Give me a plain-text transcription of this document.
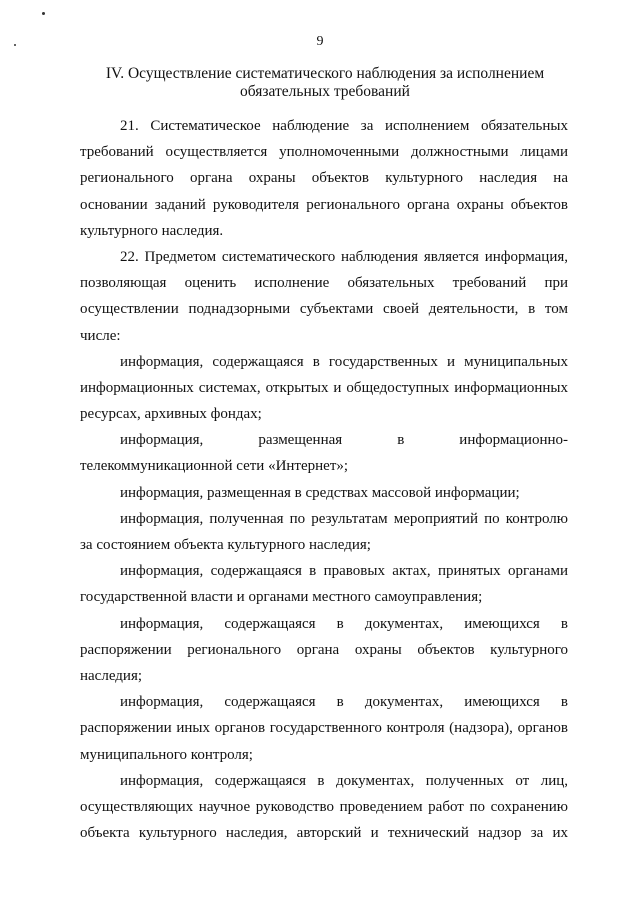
9
IV. Осуществление систематического наблюдения за исполнением
обязательных требований
21. Систематическое наблюдение за исполнением обязательных
требований осуществляется уполномоченными должностными лицами
регионального органа охраны объектов культурного наследия на
основании заданий руководителя регионального органа охраны объектов
культурного наследия.
22. Предметом систематического наблюдения является информация,
позволяющая оценить исполнение обязательных требований при
осуществлении поднадзорными субъектами своей деятельности, в том
числе:
информация, содержащаяся в государственных и муниципальных
информационных системах, открытых и общедоступных информационных
ресурсах, архивных фондах;
информация, размещенная в информационно-
телекоммуникационной сети «Интернет»;
информация, размещенная в средствах массовой информации;
информация, полученная по результатам мероприятий по контролю
за состоянием объекта культурного наследия;
информация, содержащаяся в правовых актах, принятых органами
государственной власти и органами местного самоуправления;
информация, содержащаяся в документах, имеющихся в
распоряжении регионального органа охраны объектов культурного
наследия;
информация, содержащаяся в документах, имеющихся в
распоряжении иных органов государственного контроля (надзора), органов
муниципального контроля;
информация, содержащаяся в документах, полученных от лиц,
осуществляющих научное руководство проведением работ по сохранению
объекта культурного наследия, авторский и технический надзор за их
